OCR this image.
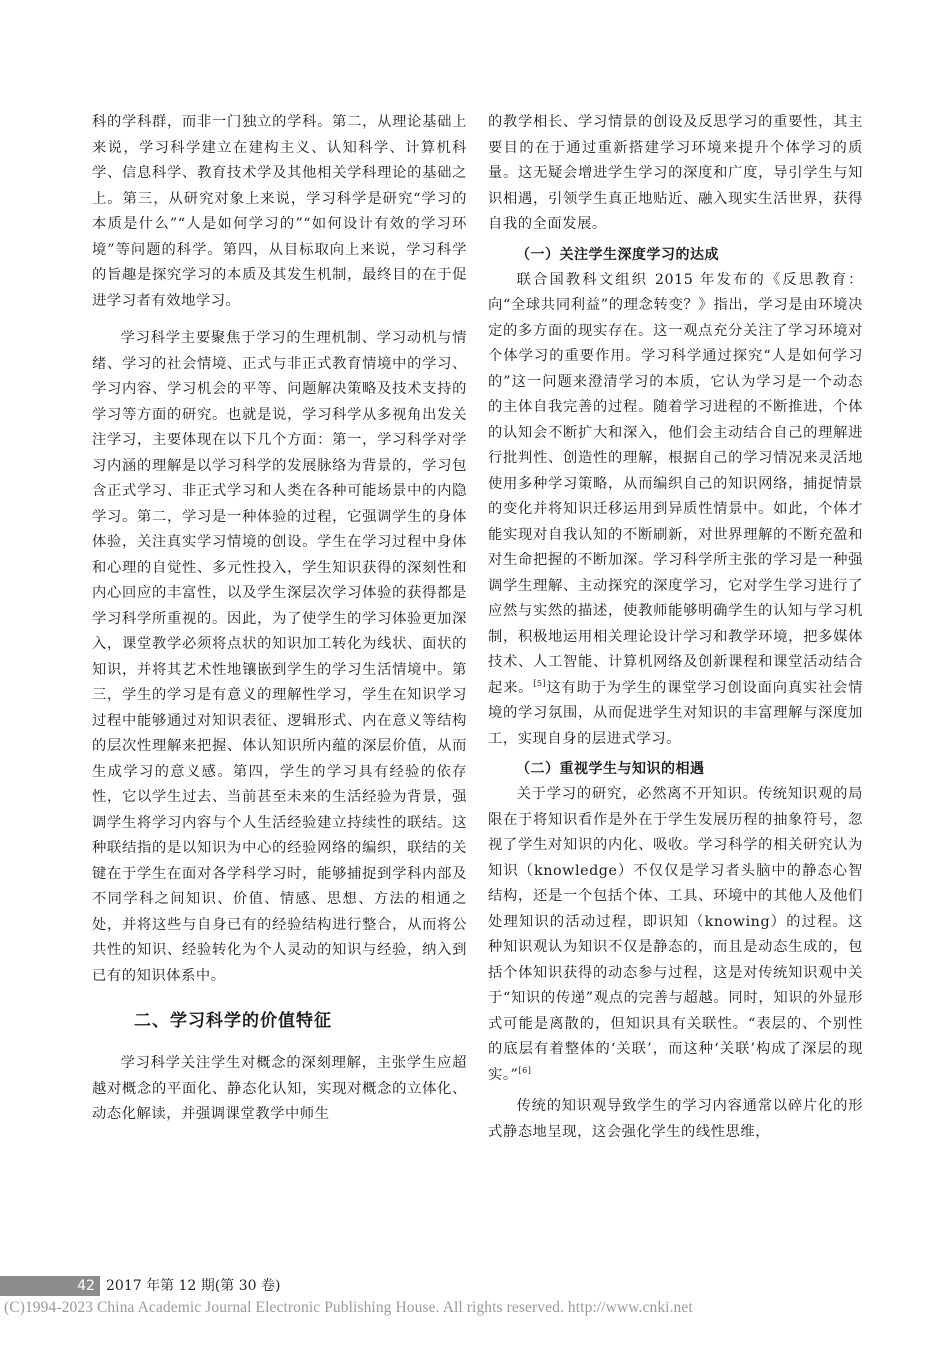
科的学科群，而非一门独立的学科。第二，从理论基础上来说，学习科学建立在建构主义、认知科学、计算机科学、信息科学、教育技术学及其他相关学科理论的基础之上。第三，从研究对象上来说，学习科学是研究“学习的本质是什么”“人是如何学习的”“如何设计有效的学习环境”等问题的科学。第四，从目标取向上来说，学习科学的旨趣是探究学习的本质及其发生机制，最终目的在于促进学习者有效地学习。

学习科学主要聚焦于学习的生理机制、学习动机与情绪、学习的社会情境、正式与非正式教育情境中的学习、学习内容、学习机会的平等、问题解决策略及技术支持的学习等方面的研究。也就是说，学习科学从多视角出发关注学习，主要体现在以下几个方面：第一，学习科学对学习内涵的理解是以学习科学的发展脉络为背景的，学习包含正式学习、非正式学习和人类在各种可能场景中的内隐学习。第二，学习是一种体验的过程，它强调学生的身体体验，关注真实学习情境的创设。学生在学习过程中身体和心理的自觉性、多元性投入，学生知识获得的深刻性和内心回应的丰富性，以及学生深层次学习体验的获得都是学习科学所重视的。因此，为了使学生的学习体验更加深入，课堂教学必须将点状的知识加工转化为线状、面状的知识，并将其艺术性地镶嵌到学生的学习生活情境中。第三，学生的学习是有意义的理解性学习，学生在知识学习过程中能够通过对知识表征、逻辑形式、内在意义等结构的层次性理解来把握、体认知识所内蕴的深层价值，从而生成学习的意义感。第四，学生的学习具有经验的依存性，它以学生过去、当前甚至未来的生活经验为背景，强调学生将学习内容与个人生活经验建立持续性的联结。这种联结指的是以知识为中心的经验网络的编织，联结的关键在于学生在面对各学科学习时，能够捕捉到学科内部及不同学科之间知识、价值、情感、思想、方法的相通之处，并将这些与自身已有的经验结构进行整合，从而将公共性的知识、经验转化为个人灵动的知识与经验，纳入到已有的知识体系中。

二、学习科学的价值特征

学习科学关注学生对概念的深刻理解，主张学生应超越对概念的平面化、静态化认知，实现对概念的立体化、动态化解读，并强调课堂教学中师生

的教学相长、学习情景的创设及反思学习的重要性，其主要目的在于通过重新搭建学习环境来提升个体学习的质量。这无疑会增进学生学习的深度和广度，导引学生与知识相遇，引领学生真正地贴近、融入现实生活世界，获得自我的全面发展。

（一）关注学生深度学习的达成

联合国教科文组织 2015 年发布的《反思教育：向“全球共同利益”的理念转变？》指出，学习是由环境决定的多方面的现实存在。这一观点充分关注了学习环境对个体学习的重要作用。学习科学通过探究“人是如何学习的”这一问题来澄清学习的本质，它认为学习是一个动态的主体自我完善的过程。随着学习进程的不断推进，个体的认知会不断扩大和深入，他们会主动结合自己的理解进行批判性、创造性的理解，根据自己的学习情况来灵活地使用多种学习策略，从而编织自己的知识网络，捕捉情景的变化并将知识迁移运用到异质性情景中。如此，个体才能实现对自我认知的不断刷新，对世界理解的不断充盈和对生命把握的不断加深。学习科学所主张的学习是一种强调学生理解、主动探究的深度学习，它对学生学习进行了应然与实然的描述，使教师能够明确学生的认知与学习机制，积极地运用相关理论设计学习和教学环境，把多媒体技术、人工智能、计算机网络及创新课程和课堂活动结合起来。[5]这有助于为学生的课堂学习创设面向真实社会情境的学习氛围，从而促进学生对知识的丰富理解与深度加工，实现自身的层进式学习。

（二）重视学生与知识的相遇

关于学习的研究，必然离不开知识。传统知识观的局限在于将知识看作是外在于学生发展历程的抽象符号，忽视了学生对知识的内化、吸收。学习科学的相关研究认为知识（knowledge）不仅仅是学习者头脑中的静态心智结构，还是一个包括个体、工具、环境中的其他人及他们处理知识的活动过程，即识知（knowing）的过程。这种知识观认为知识不仅是静态的，而且是动态生成的，包括个体知识获得的动态参与过程，这是对传统知识观中关于“知识的传递”观点的完善与超越。同时，知识的外显形式可能是离散的，但知识具有关联性。“表层的、个别性的底层有着整体的‘关联’，而这种‘关联’构成了深层的现实。”[6]

传统的知识观导致学生的学习内容通常以碎片化的形式静态地呈现，这会强化学生的线性思维，

42 2017 年第 12 期(第 30 卷)
(C)1994-2023 China Academic Journal Electronic Publishing House. All rights reserved. http://www.cnki.net
